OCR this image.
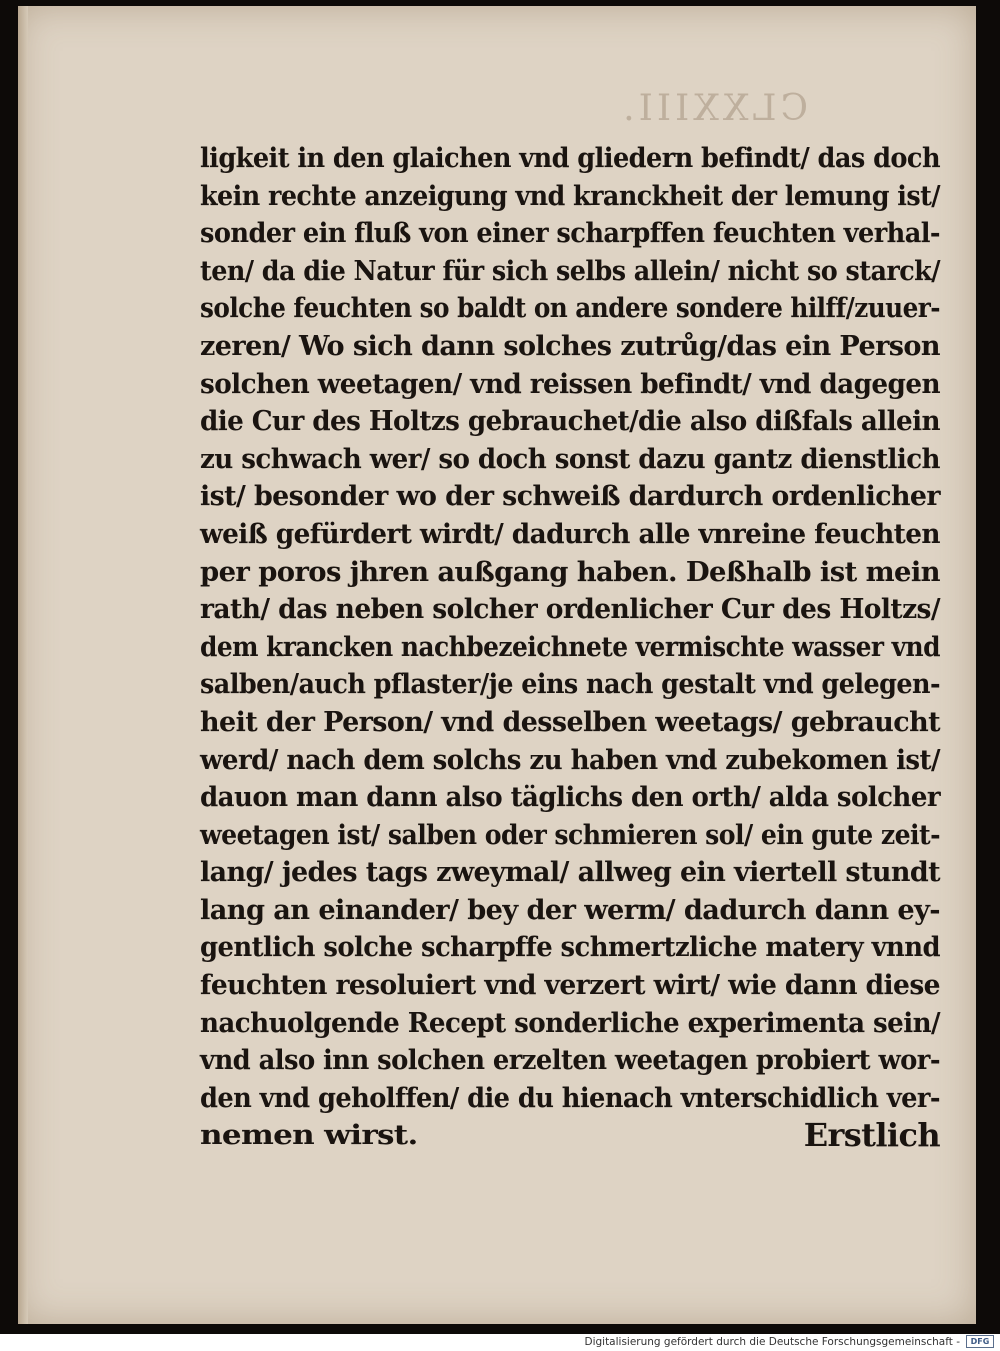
CLXXIII.
ligkeit in den glaichen vnd gliedern befindt/ das doch
kein rechte anzeigung vnd kranckheit der lemung ist/
sonder ein fluß von einer scharpffen feuchten verhal-
ten/ da die Natur für sich selbs allein/ nicht so starck/
solche feuchten so baldt on andere sondere hilff/zuuer-
zeren/ Wo sich dann solches zutrůg/das ein Person
solchen weetagen/ vnd reissen befindt/ vnd dagegen
die Cur des Holtzs gebrauchet/die also dißfals allein
zu schwach wer/ so doch sonst dazu gantz dienstlich
ist/ besonder wo der schweiß dardurch ordenlicher
weiß gefürdert wirdt/ dadurch alle vnreine feuchten
per poros jhren außgang haben. Deßhalb ist mein
rath/ das neben solcher ordenlicher Cur des Holtzs/
dem krancken nachbezeichnete vermischte wasser vnd
salben/auch pflaster/je eins nach gestalt vnd gelegen-
heit der Person/ vnd desselben weetags/ gebraucht
werd/ nach dem solchs zu haben vnd zubekomen ist/
dauon man dann also täglichs den orth/ alda solcher
weetagen ist/ salben oder schmieren sol/ ein gute zeit-
lang/ jedes tags zweymal/ allweg ein viertell stundt
lang an einander/ bey der werm/ dadurch dann ey-
gentlich solche scharpffe schmertzliche matery vnnd
feuchten resoluiert vnd verzert wirt/ wie dann diese
nachuolgende Recept sonderliche experimenta sein/
vnd also inn solchen erzelten weetagen probiert wor-
den vnd geholffen/ die du hienach vnterschidlich ver-
nemen wirst.	Erstlich
Digitalisierung gefördert durch die Deutsche Forschungsgemeinschaft -	DFG
